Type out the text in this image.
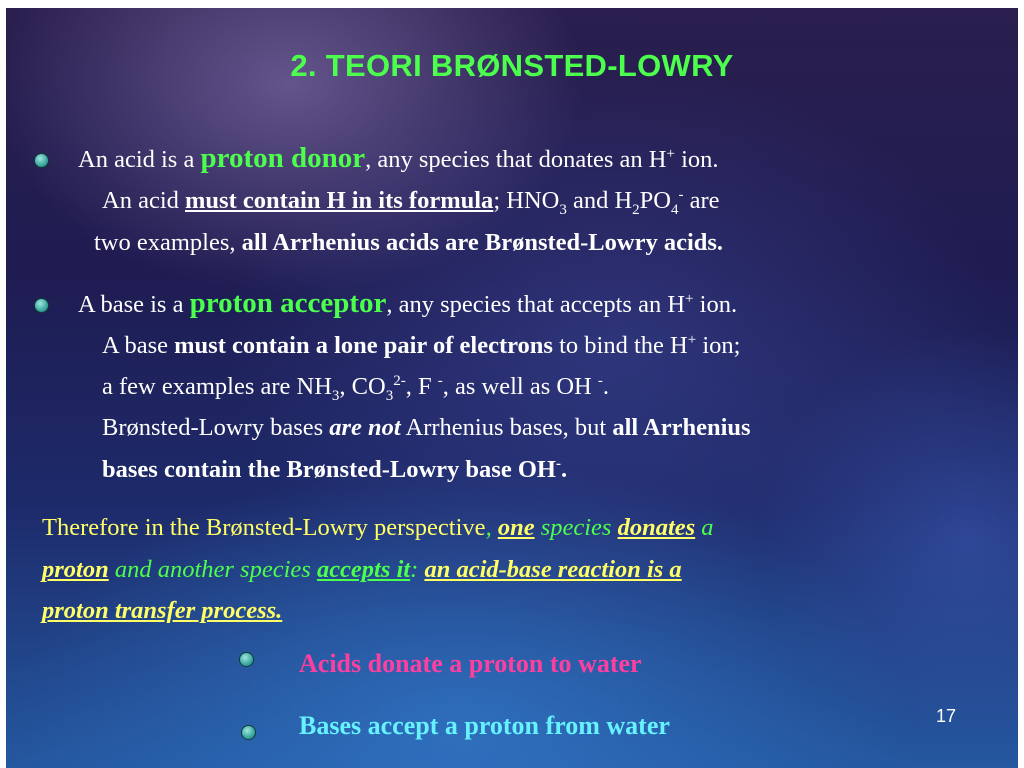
2. TEORI BRØNSTED-LOWRY
An acid is a proton donor, any species that donates an H+ ion.
An acid must contain H in its formula; $HNO_3$ and $H_2PO_4^-$ are
two examples, all Arrhenius acids are Brønsted-Lowry acids.
A base is a proton acceptor, any species that accepts an H+ ion.
A base must contain a lone pair of electrons to bind the H+ ion;
a few examples are $NH_3$, $CO_3^{2-}$, F -, as well as OH -.
Brønsted-Lowry bases are not Arrhenius bases, but all Arrhenius
bases contain the Brønsted-Lowry base OH-.
Therefore in the Brønsted-Lowry perspective, one species donates a
proton and another species accepts it: an acid-base reaction is a
proton transfer process.
Acids donate a proton to water
Bases accept a proton from water	17
